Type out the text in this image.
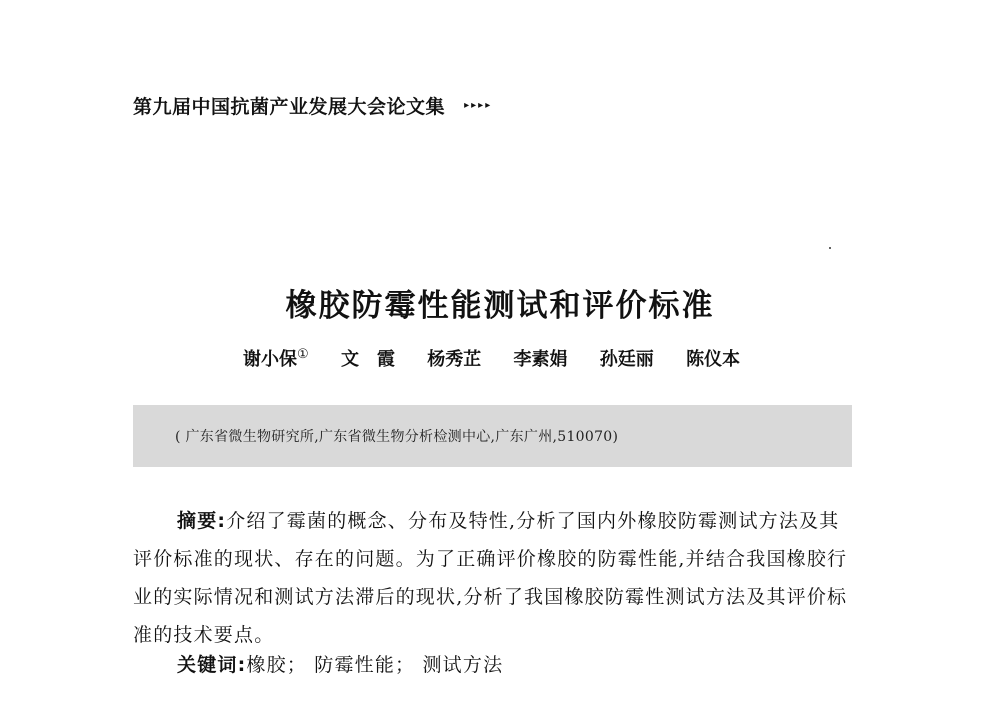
第九届中国抗菌产业发展大会论文集 ▸▸▸▸
橡胶防霉性能测试和评价标准
谢小保① 文　霞 杨秀芷 李素娟 孙廷丽 陈仪本
( 广东省微生物研究所,广东省微生物分析检测中心,广东广州,510070)

摘要:介绍了霉菌的概念、分布及特性,分析了国内外橡胶防霉测试方法及其评价标准的现状、存在的问题。为了正确评价橡胶的防霉性能,并结合我国橡胶行业的实际情况和测试方法滞后的现状,分析了我国橡胶防霉性测试方法及其评价标准的技术要点。

关键词:橡胶； 防霉性能； 测试方法
